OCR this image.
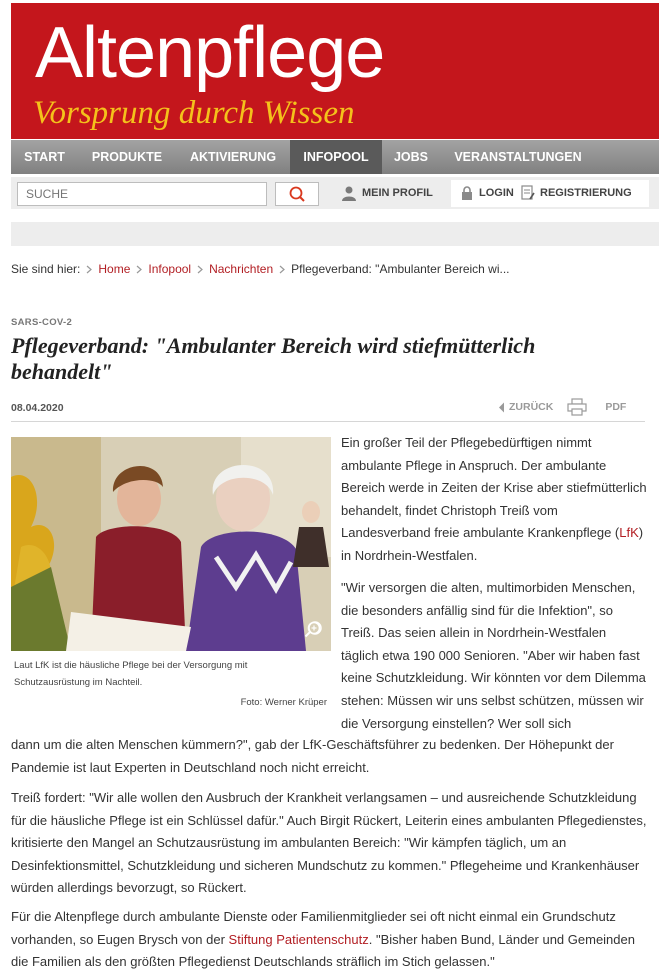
Altenpflege
Vorsprung durch Wissen
START	PRODUKTE	AKTIVIERUNG	INFOPOOL	JOBS	VERANSTALTUNGEN
SUCHE
MEIN PROFIL	LOGIN REGISTRIERUNG
Sie sind hier: Home Infopool Nachrichten Pflegeverband: "Ambulanter Bereich wi...
SARS-COV-2
Pflegeverband: "Ambulanter Bereich wird stiefmütterlich behandelt"
08.04.2020	ZURÜCK	PDF
Laut LfK ist die häusliche Pflege bei der Versorgung mit Schutzausrüstung im Nachteil.
Foto: Werner Krüper

Ein großer Teil der Pflegebedürftigen nimmt ambulante Pflege in Anspruch. Der ambulante Bereich werde in Zeiten der Krise aber stiefmütterlich behandelt, findet Christoph Treiß vom Landesverband freie ambulante Krankenpflege (LfK) in Nordrhein-Westfalen.

"Wir versorgen die alten, multimorbiden Menschen, die besonders anfällig sind für die Infektion", so Treiß. Das seien allein in Nordrhein-Westfalen täglich etwa 190 000 Senioren. "Aber wir haben fast keine Schutzkleidung. Wir könnten vor dem Dilemma stehen: Müssen wir uns selbst schützen, müssen wir die Versorgung einstellen? Wer soll sich

dann um die alten Menschen kümmern?", gab der LfK-Geschäftsführer zu bedenken. Der Höhepunkt der Pandemie ist laut Experten in Deutschland noch nicht erreicht.

Treiß fordert: "Wir alle wollen den Ausbruch der Krankheit verlangsamen – und ausreichende Schutzkleidung für die häusliche Pflege ist ein Schlüssel dafür." Auch Birgit Rückert, Leiterin eines ambulanten Pflegedienstes, kritisierte den Mangel an Schutzausrüstung im ambulanten Bereich: "Wir kämpfen täglich, um an Desinfektionsmittel, Schutzkleidung und sicheren Mundschutz zu kommen." Pflegeheime und Krankenhäuser würden allerdings bevorzugt, so Rückert.

Für die Altenpflege durch ambulante Dienste oder Familienmitglieder sei oft nicht einmal ein Grundschutz vorhanden, so Eugen Brysch von der Stiftung Patientenschutz. "Bisher haben Bund, Länder und Gemeinden die Familien als den größten Pflegedienst Deutschlands sträflich im Stich gelassen."
